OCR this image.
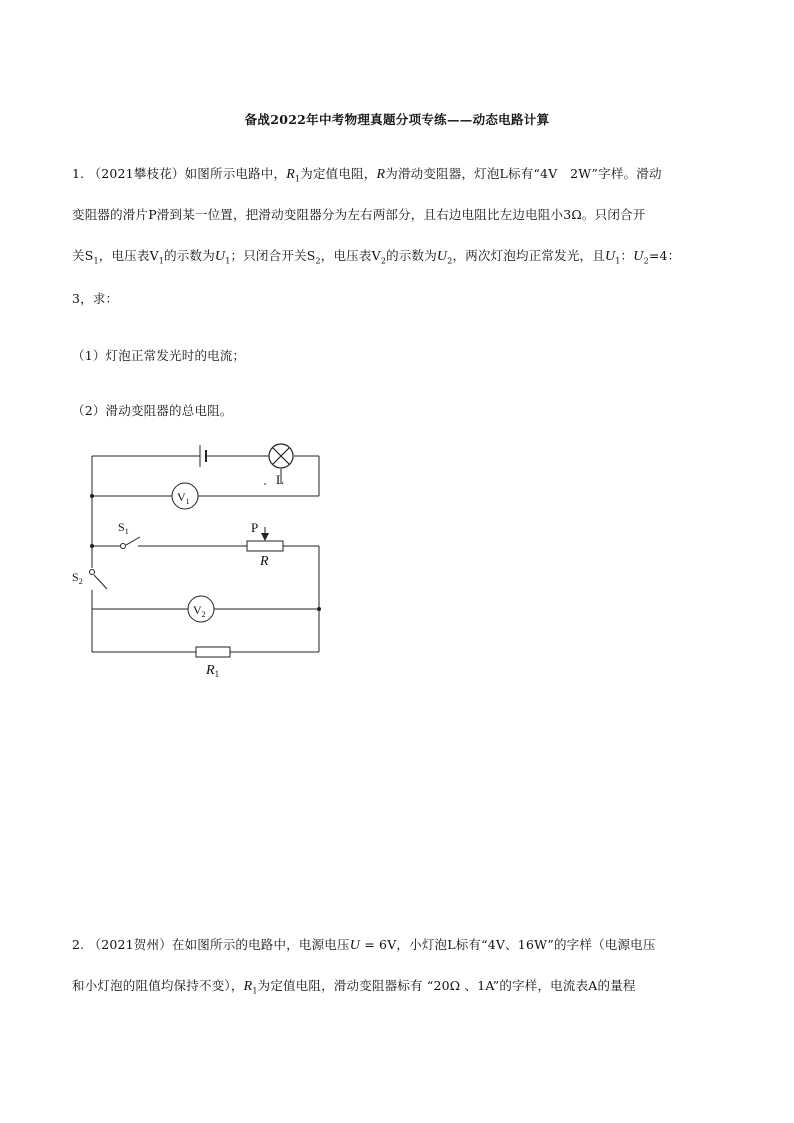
备战2022年中考物理真题分项专练——动态电路计算
1. （2021攀枝花）如图所示电路中，$R_1$为定值电阻，R为滑动变阻器，灯泡L标有“4V　2W”字样。滑动
变阻器的滑片P滑到某一位置，把滑动变阻器分为左右两部分，且右边电阻比左边电阻小3Ω。只闭合开
关$S_1$，电压表$V_1$的示数为$U_1$；只闭合开关$S_2$，电压表$V_2$的示数为$U_2$，两次灯泡均正常发光，且$U_1$：$U_2=4$：
3，求：
（1）灯泡正常发光时的电流；
（2）滑动变阻器的总电阻。
L
$V_1$
$S_1$	P
R
$S_2$
$V_2$
$R_1$
2. （2021贺州）在如图所示的电路中，电源电压U = 6V，小灯泡L标有“4V、16W”的字样（电源电压
和小灯泡的阻值均保持不变），$R_1$为定值电阻，滑动变阻器标有 “20Ω 、1A”的字样，电流表A的量程
